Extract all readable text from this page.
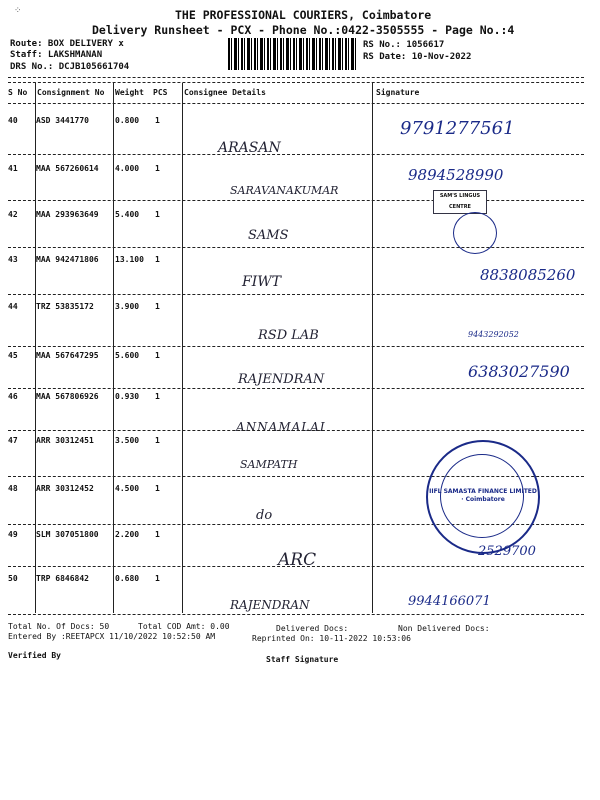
THE PROFESSIONAL COURIERS, Coimbatore
Delivery Runsheet - PCX - Phone No.:0422-3505555 - Page No.:4
Route: BOX DELIVERY x
Staff: LAKSHMANAN
DRS No.: DCJB105661704
RS No.: 1056617
RS Date: 10-Nov-2022
⁘
S No Consignment No Weight PCS Consignee Details	Signature
40 ASD 3441770	0.800 1
ARASAN
9791277561
41 MAA 567260614 4.000 1
SARAVANAKUMAR
9894528990
42 MAA 293963649 5.400 1
SAMS
SAM'S LINGUS CENTRE
43 MAA 942471806 13.100 1
FIWT	8838085260
44 TRZ 53835172	3.900 1
RSD LAB	9443292052
45 MAA 567647295 5.600 1
RAJENDRAN	6383027590
46 MAA 567806926 0.930 1
ANNAMALAI
47 ARR 30312451	3.500 1
SAMPATH
48 ARR 30312452	4.500 1
do
49 SLM 307051800 2.200 1
ARC	2529700
50 TRP 6846842	0.680 1
RAJENDRAN	9944166071
IIFL SAMASTA FINANCE LIMITED · Coimbatore
Total No. Of Docs: 50	Total COD Amt: 0.00	Delivered Docs:	Non Delivered Docs:
Entered By :REETAPCX 11/10/2022 10:52:50 AM	Reprinted On: 10-11-2022 10:53:06
Verified By	Staff Signature
